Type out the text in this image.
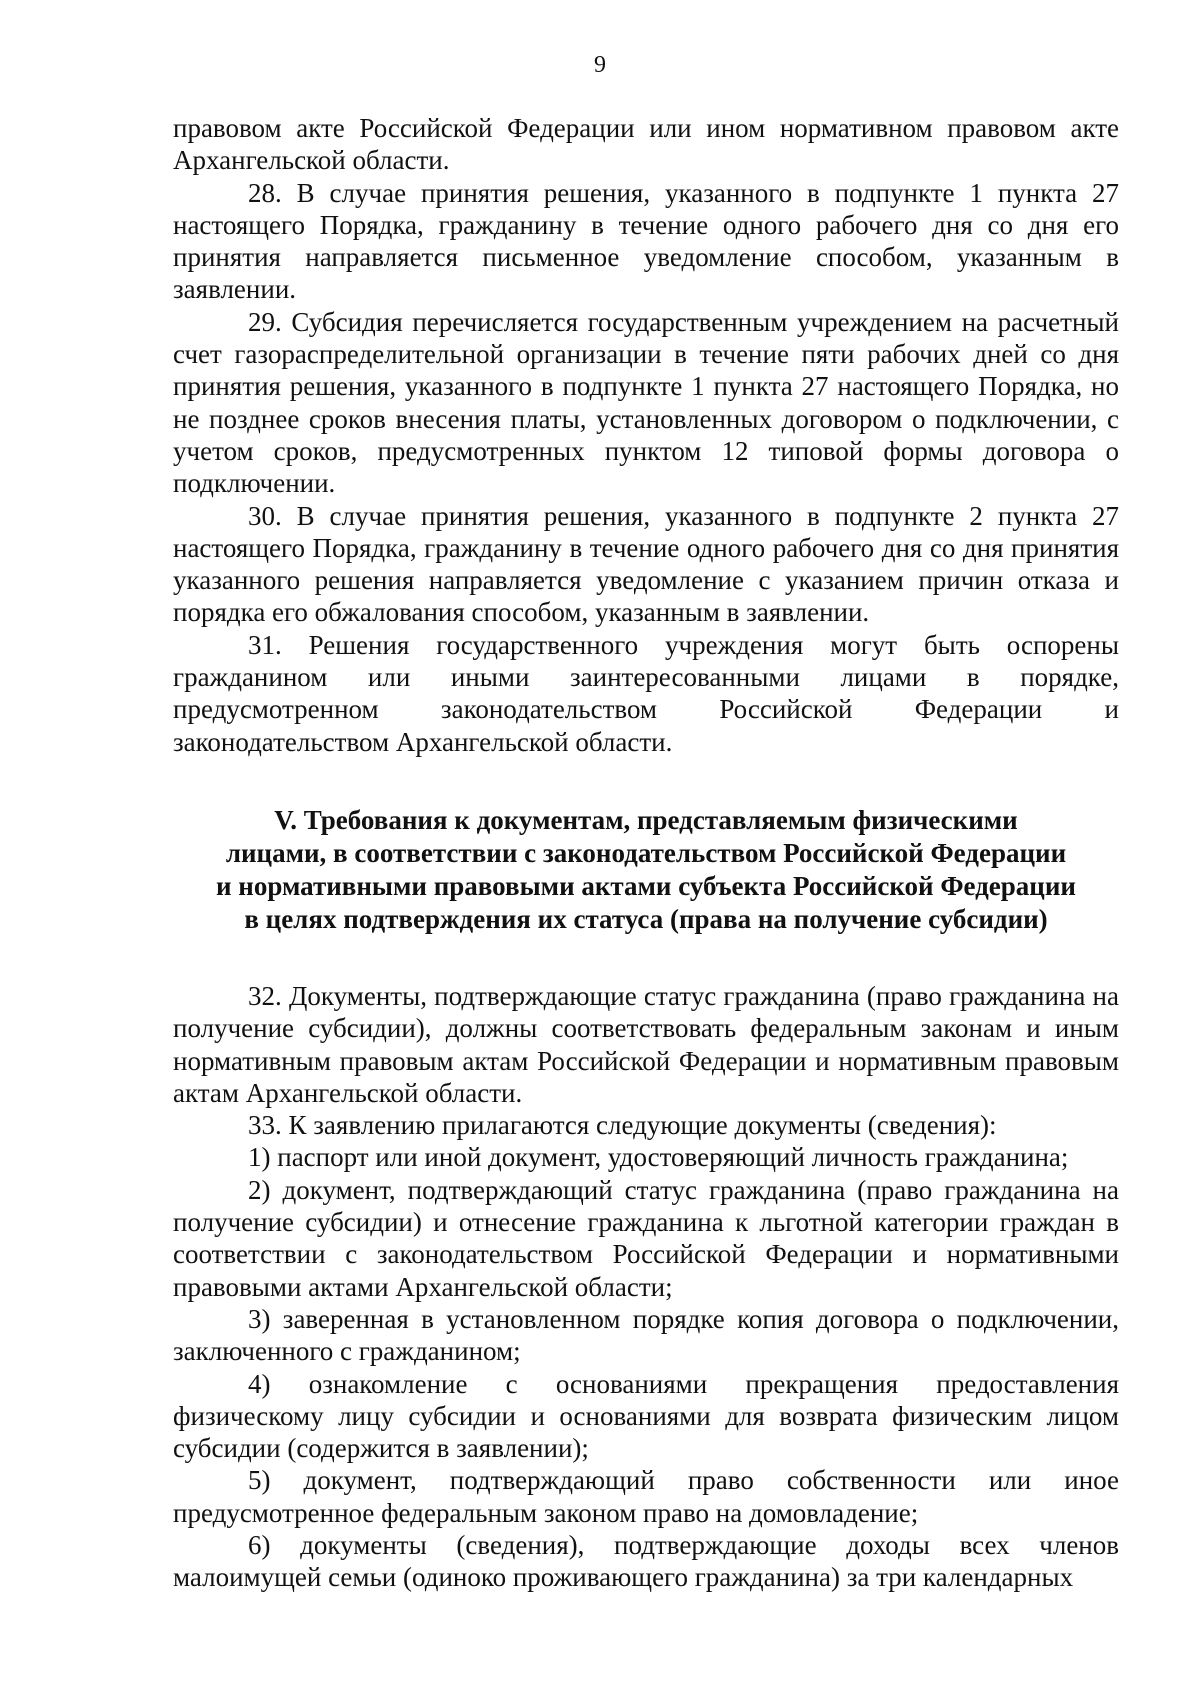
9

правовом акте Российской Федерации или ином нормативном правовом акте Архангельской области.

28. В случае принятия решения, указанного в подпункте 1 пункта 27 настоящего Порядка, гражданину в течение одного рабочего дня со дня его принятия направляется письменное уведомление способом, указанным в заявлении.

29. Субсидия перечисляется государственным учреждением на расчетный счет газораспределительной организации в течение пяти рабочих дней со дня принятия решения, указанного в подпункте 1 пункта 27 настоящего Порядка, но не позднее сроков внесения платы, установленных договором о подключении, с учетом сроков, предусмотренных пунктом 12 типовой формы договора о подключении.

30. В случае принятия решения, указанного в подпункте 2 пункта 27 настоящего Порядка, гражданину в течение одного рабочего дня со дня принятия указанного решения направляется уведомление с указанием причин отказа и порядка его обжалования способом, указанным в заявлении.

31. Решения государственного учреждения могут быть оспорены гражданином или иными заинтересованными лицами в порядке, предусмотренном законодательством Российской Федерации и законодательством Архангельской области.

V. Требования к документам, представляемым физическими
лицами, в соответствии с законодательством Российской Федерации
и нормативными правовыми актами субъекта Российской Федерации
в целях подтверждения их статуса (права на получение субсидии)

32. Документы, подтверждающие статус гражданина (право гражданина на получение субсидии), должны соответствовать федеральным законам и иным нормативным правовым актам Российской Федерации и нормативным правовым актам Архангельской области.

33. К заявлению прилагаются следующие документы (сведения):

1) паспорт или иной документ, удостоверяющий личность гражданина;

2) документ, подтверждающий статус гражданина (право гражданина на получение субсидии) и отнесение гражданина к льготной категории граждан в соответствии с законодательством Российской Федерации и нормативными правовыми актами Архангельской области;

3) заверенная в установленном порядке копия договора о подключении, заключенного с гражданином;

4) ознакомление с основаниями прекращения предоставления физическому лицу субсидии и основаниями для возврата физическим лицом субсидии (содержится в заявлении);

5) документ, подтверждающий право собственности или иное предусмотренное федеральным законом право на домовладение;

6) документы (сведения), подтверждающие доходы всех членов малоимущей семьи (одиноко проживающего гражданина) за три календарных
